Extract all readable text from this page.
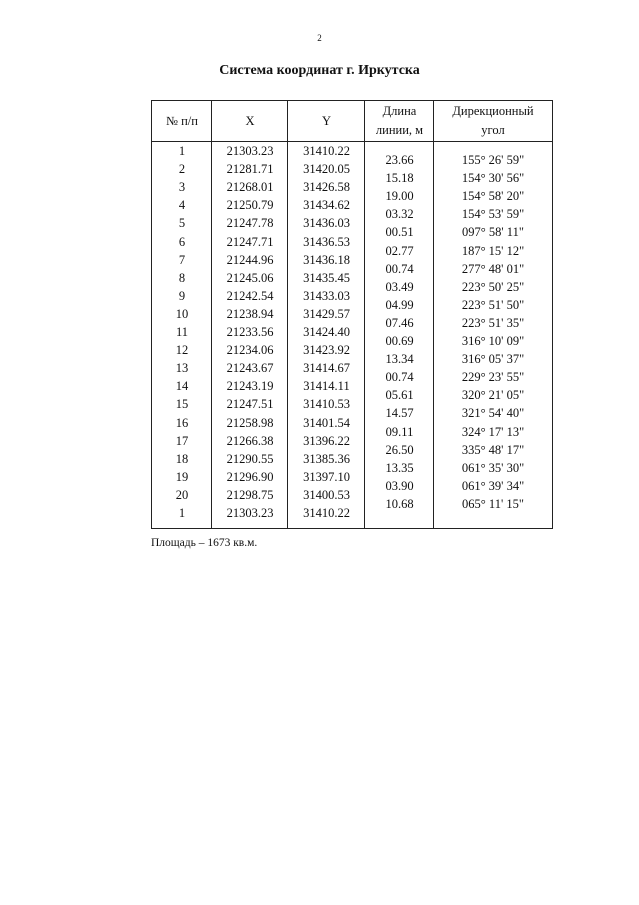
2
Система координат г. Иркутска
№ п/п	X	Y
Длина
линии, м
Дирекционный
угол
1
2
3
4
5
6
7
8
9
10
11
12
13
14
15
16
17
18
19
20
1
21303.23
21281.71
21268.01
21250.79
21247.78
21247.71
21244.96
21245.06
21242.54
21238.94
21233.56
21234.06
21243.67
21243.19
21247.51
21258.98
21266.38
21290.55
21296.90
21298.75
21303.23
31410.22
31420.05
31426.58
31434.62
31436.03
31436.53
31436.18
31435.45
31433.03
31429.57
31424.40
31423.92
31414.67
31414.11
31410.53
31401.54
31396.22
31385.36
31397.10
31400.53
31410.22
23.66
15.18
19.00
03.32
00.51
02.77
00.74
03.49
04.99
07.46
00.69
13.34
00.74
05.61
14.57
09.11
26.50
13.35
03.90
10.68
155° 26' 59"
154° 30' 56"
154° 58' 20"
154° 53' 59"
097° 58' 11"
187° 15' 12"
277° 48' 01"
223° 50' 25"
223° 51' 50"
223° 51' 35"
316° 10' 09"
316° 05' 37"
229° 23' 55"
320° 21' 05"
321° 54' 40"
324° 17' 13"
335° 48' 17"
061° 35' 30"
061° 39' 34"
065° 11' 15"
Площадь – 1673 кв.м.
